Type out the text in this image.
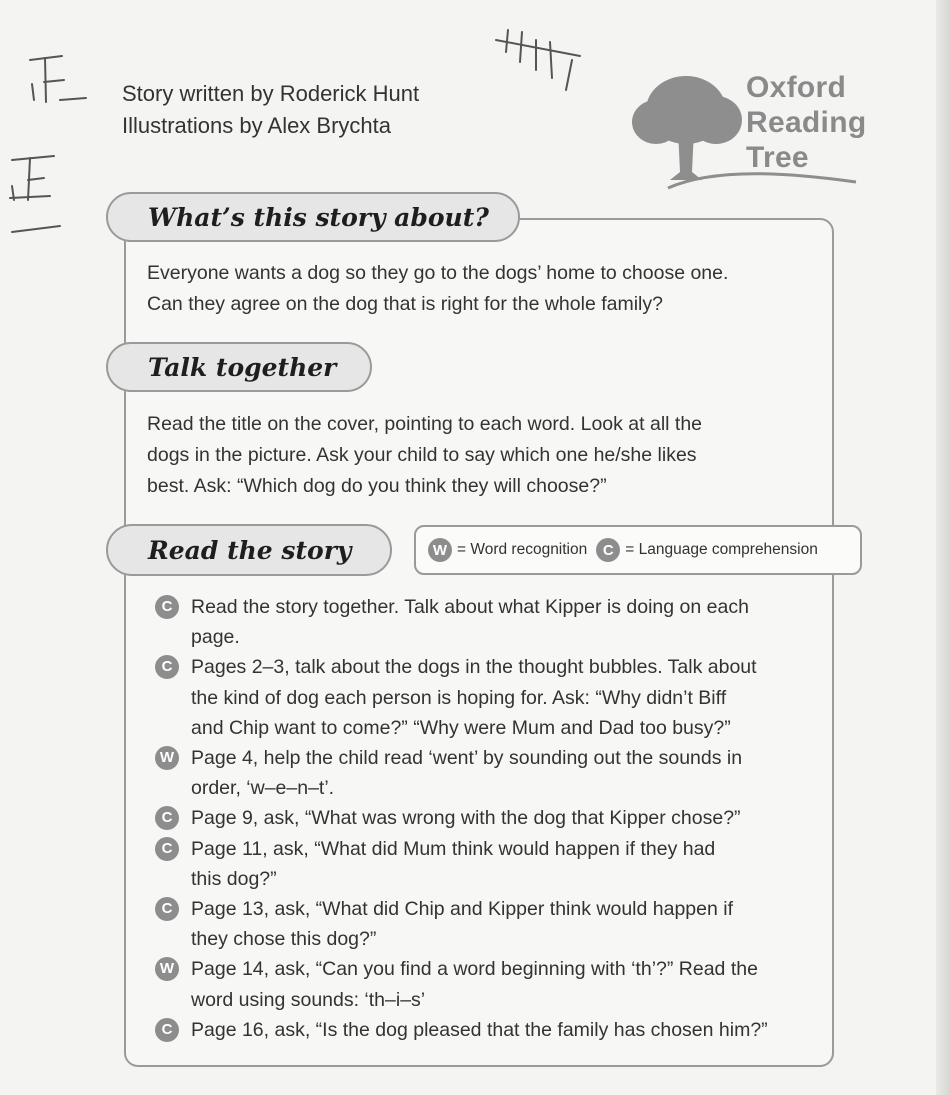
Story written by Roderick Hunt
Illustrations by Alex Brychta
Oxford
Reading
Tree
What’s this story about?
Everyone wants a dog so they go to the dogs’ home to choose one.
Can they agree on the dog that is right for the whole family?
Talk together
Read the title on the cover, pointing to each word. Look at all the
dogs in the picture. Ask your child to say which one he/she likes
best. Ask: “Which dog do you think they will choose?”
Read the story	W = Word recognition	C = Language comprehension
C Read the story together. Talk about what Kipper is doing on each
page.
C Pages 2–3, talk about the dogs in the thought bubbles. Talk about
the kind of dog each person is hoping for. Ask: “Why didn’t Biff
and Chip want to come?” “Why were Mum and Dad too busy?”
W Page 4, help the child read ‘went’ by sounding out the sounds in
order, ‘w–e–n–t’.
C Page 9, ask, “What was wrong with the dog that Kipper chose?”
C Page 11, ask, “What did Mum think would happen if they had
this dog?”
C Page 13, ask, “What did Chip and Kipper think would happen if
they chose this dog?”
W Page 14, ask, “Can you find a word beginning with ‘th’?” Read the
word using sounds: ‘th–i–s’
C Page 16, ask, “Is the dog pleased that the family has chosen him?”
